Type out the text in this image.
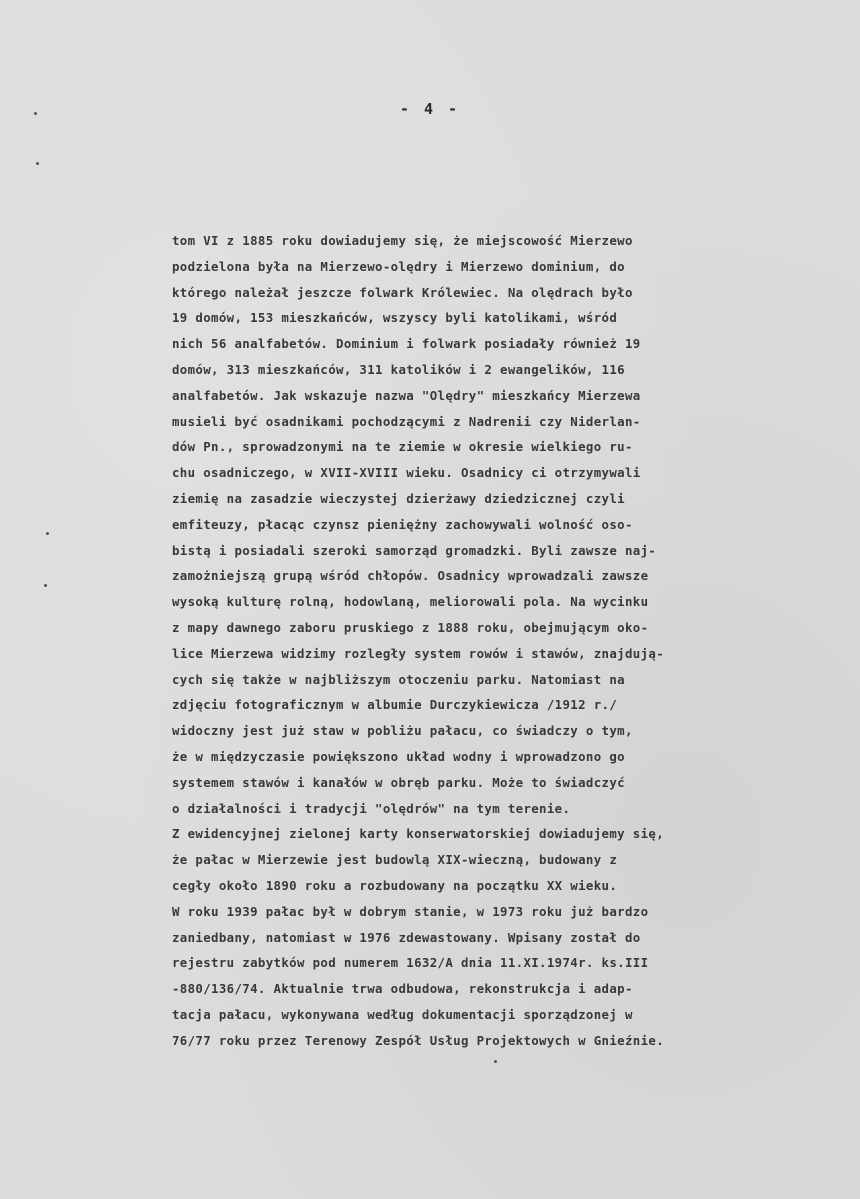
- 4 -
tom VI z 1885 roku dowiadujemy się, że miejscowość Mierzewo
podzielona była na Mierzewo-olędry i Mierzewo dominium, do
którego należał jeszcze folwark Królewiec. Na olędrach było
19 domów, 153 mieszkańców, wszyscy byli katolikami, wśród
nich 56 analfabetów. Dominium i folwark posiadały również 19
domów, 313 mieszkańców, 311 katolików i 2 ewangelików, 116
analfabetów. Jak wskazuje nazwa "Olędry" mieszkańcy Mierzewa
musieli być osadnikami pochodzącymi z Nadrenii czy Niderlan-
dów Pn., sprowadzonymi na te ziemie w okresie wielkiego ru-
chu osadniczego, w XVII-XVIII wieku. Osadnicy ci otrzymywali
ziemię na zasadzie wieczystej dzierżawy dziedzicznej czyli
emfiteuzy, płacąc czynsz pieniężny zachowywali wolność oso-
bistą i posiadali szeroki samorząd gromadzki. Byli zawsze naj-
zamożniejszą grupą wśród chłopów. Osadnicy wprowadzali zawsze
wysoką kulturę rolną, hodowlaną, meliorowali pola. Na wycinku
z mapy dawnego zaboru pruskiego z 1888 roku, obejmującym oko-
lice Mierzewa widzimy rozległy system rowów i stawów, znajdują-
cych się także w najbliższym otoczeniu parku. Natomiast na
zdjęciu fotograficznym w albumie Durczykiewicza /1912 r./
widoczny jest już staw w pobliżu pałacu, co świadczy o tym,
że w międzyczasie powiększono układ wodny i wprowadzono go
systemem stawów i kanałów w obręb parku. Może to świadczyć
o działalności i tradycji "olędrów" na tym terenie.
Z ewidencyjnej zielonej karty konserwatorskiej dowiadujemy się,
że pałac w Mierzewie jest budowlą XIX-wieczną, budowany z
cegły około 1890 roku a rozbudowany na początku XX wieku.
W roku 1939 pałac był w dobrym stanie, w 1973 roku już bardzo
zaniedbany, natomiast w 1976 zdewastowany. Wpisany został do
rejestru zabytków pod numerem 1632/A dnia 11.XI.1974r. ks.III
-880/136/74. Aktualnie trwa odbudowa, rekonstrukcja i adap-
tacja pałacu, wykonywana według dokumentacji sporządzonej w
76/77 roku przez Terenowy Zespół Usług Projektowych w Gnieźnie.
